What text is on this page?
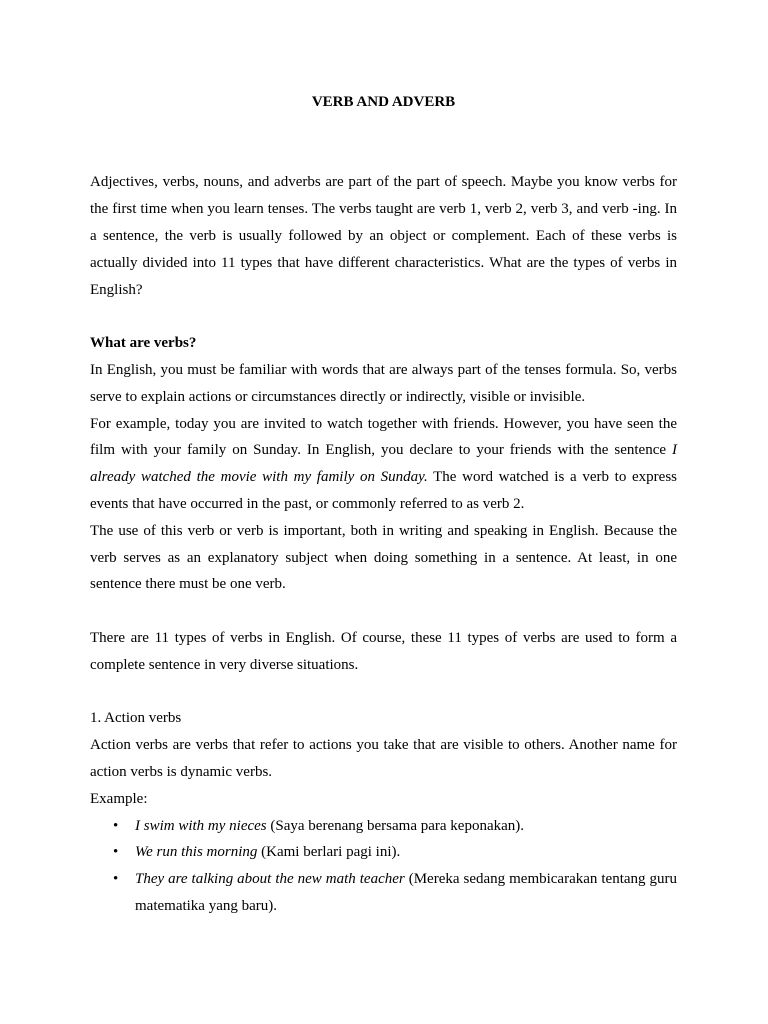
VERB AND ADVERB

Adjectives, verbs, nouns, and adverbs are part of the part of speech. Maybe you know verbs for the first time when you learn tenses. The verbs taught are verb 1, verb 2, verb 3, and verb -ing. In a sentence, the verb is usually followed by an object or complement. Each of these verbs is actually divided into 11 types that have different characteristics. What are the types of verbs in English?

What are verbs?

In English, you must be familiar with words that are always part of the tenses formula. So, verbs serve to explain actions or circumstances directly or indirectly, visible or invisible.

For example, today you are invited to watch together with friends. However, you have seen the film with your family on Sunday. In English, you declare to your friends with the sentence I already watched the movie with my family on Sunday. The word watched is a verb to express events that have occurred in the past, or commonly referred to as verb 2.

The use of this verb or verb is important, both in writing and speaking in English. Because the verb serves as an explanatory subject when doing something in a sentence. At least, in one sentence there must be one verb.

There are 11 types of verbs in English. Of course, these 11 types of verbs are used to form a complete sentence in very diverse situations.

1. Action verbs

Action verbs are verbs that refer to actions you take that are visible to others. Another name for action verbs is dynamic verbs.

Example:

• I swim with my nieces (Saya berenang bersama para keponakan).
• We run this morning (Kami berlari pagi ini).
• They are talking about the new math teacher (Mereka sedang membicarakan tentang guru matematika yang baru).
